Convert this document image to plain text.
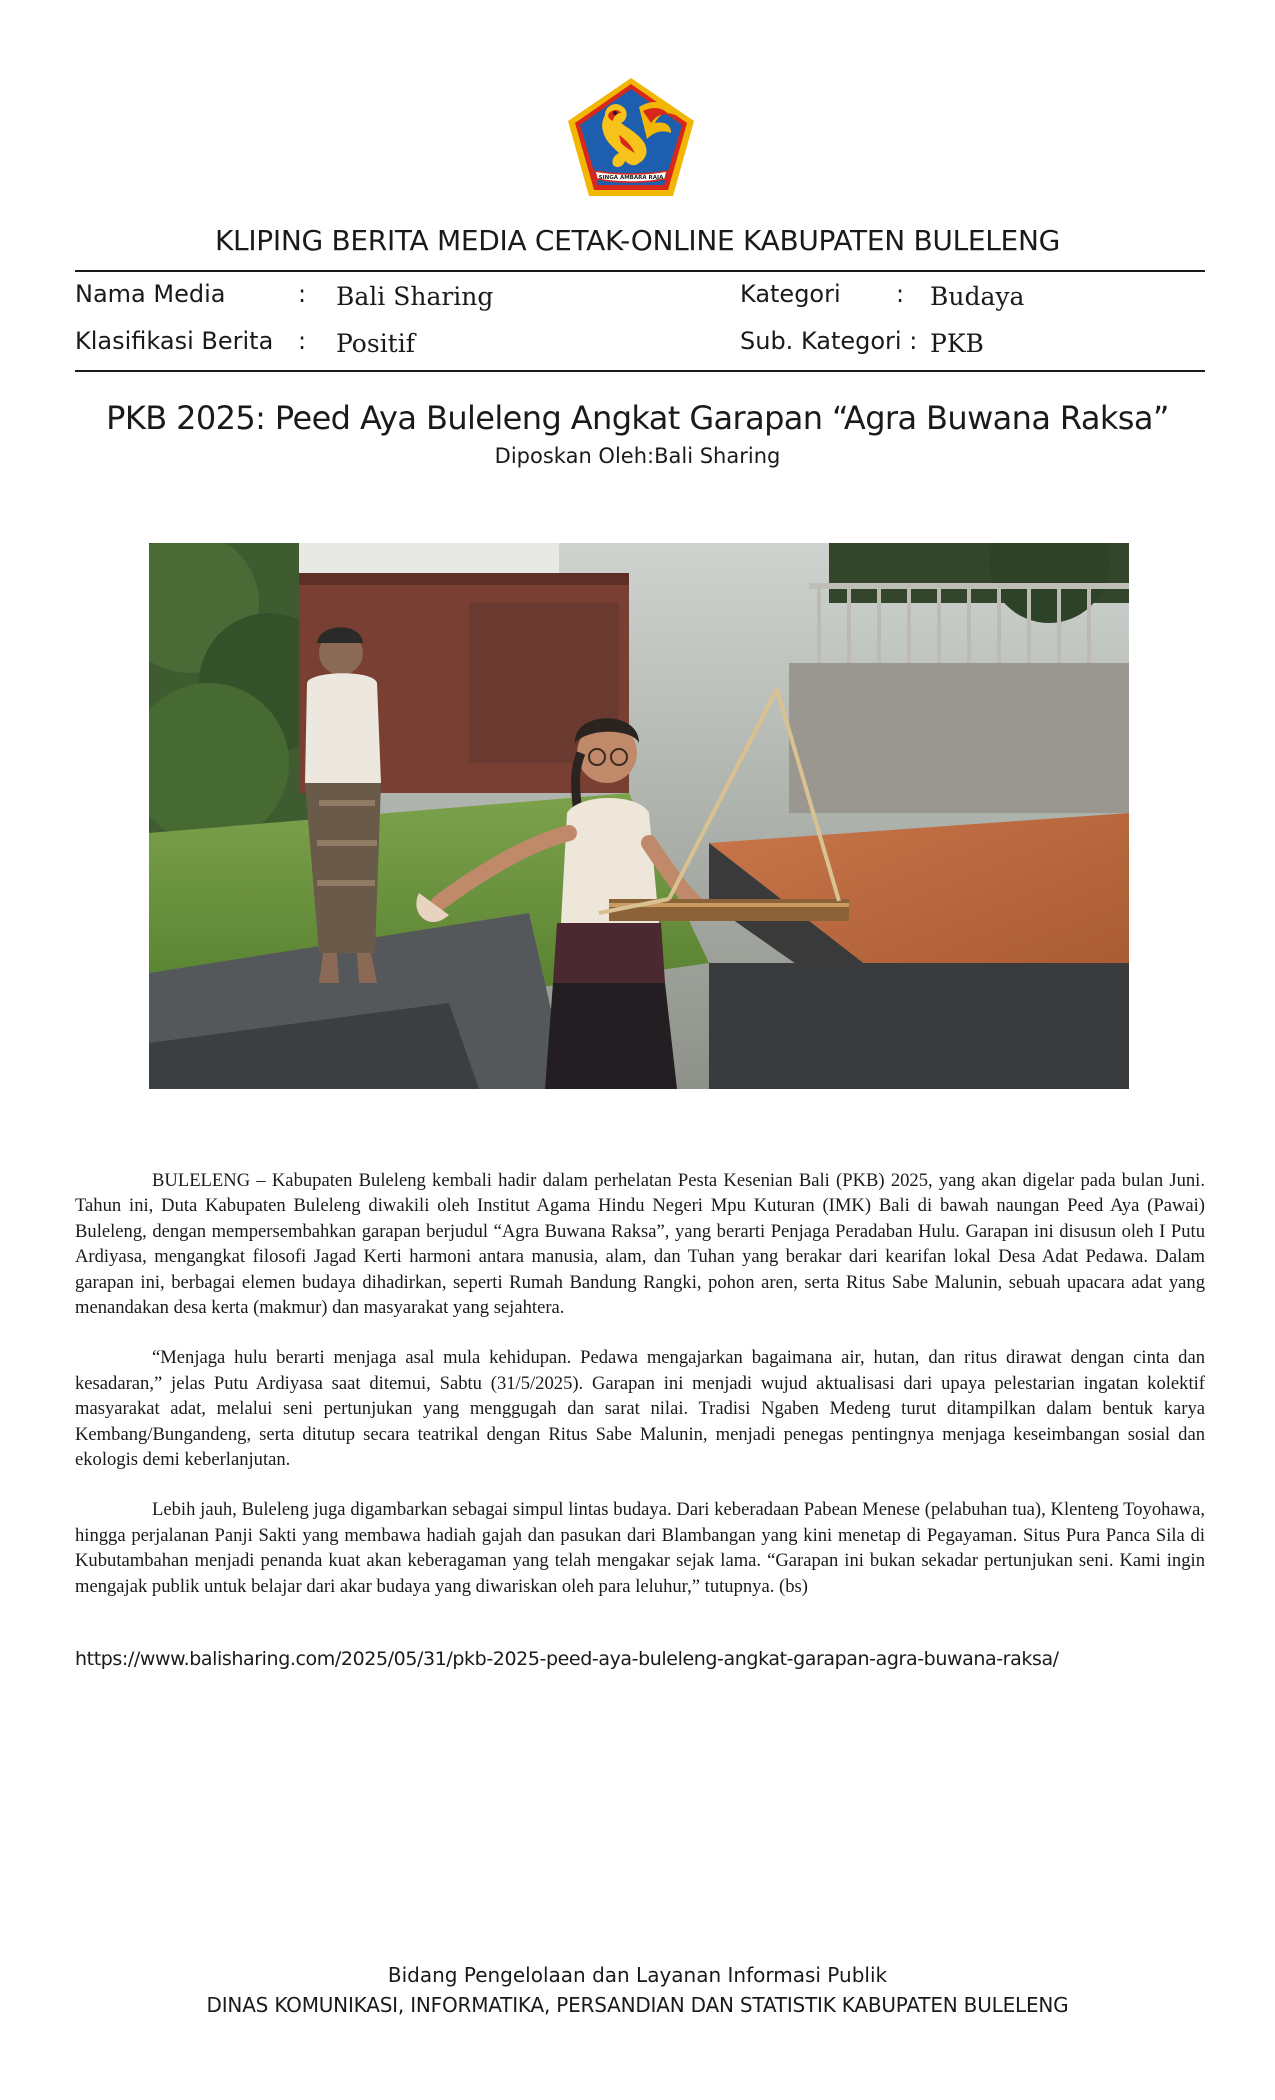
SINGA AMBARA RAJA
KLIPING BERITA MEDIA CETAK-ONLINE KABUPATEN BULELENG
Nama Media	: Bali Sharing	Kategori : Budaya
Klasifikasi Berita : Positif	Sub. Kategori : PKB
PKB 2025: Peed Aya Buleleng Angkat Garapan “Agra Buwana Raksa”
Diposkan Oleh:Bali Sharing

BULELENG – Kabupaten Buleleng kembali hadir dalam perhelatan Pesta Kesenian Bali (PKB) 2025, yang akan digelar pada bulan Juni. Tahun ini, Duta Kabupaten Buleleng diwakili oleh Institut Agama Hindu Negeri Mpu Kuturan (IMK) Bali di bawah naungan Peed Aya (Pawai) Buleleng, dengan mempersembahkan garapan berjudul “Agra Buwana Raksa”, yang berarti Penjaga Peradaban Hulu. Garapan ini disusun oleh I Putu Ardiyasa, mengangkat filosofi Jagad Kerti harmoni antara manusia, alam, dan Tuhan yang berakar dari kearifan lokal Desa Adat Pedawa. Dalam garapan ini, berbagai elemen budaya dihadirkan, seperti Rumah Bandung Rangki, pohon aren, serta Ritus Sabe Malunin, sebuah upacara adat yang menandakan desa kerta (makmur) dan masyarakat yang sejahtera.

“Menjaga hulu berarti menjaga asal mula kehidupan. Pedawa mengajarkan bagaimana air, hutan, dan ritus dirawat dengan cinta dan kesadaran,” jelas Putu Ardiyasa saat ditemui, Sabtu (31/5/2025). Garapan ini menjadi wujud aktualisasi dari upaya pelestarian ingatan kolektif masyarakat adat, melalui seni pertunjukan yang menggugah dan sarat nilai. Tradisi Ngaben Medeng turut ditampilkan dalam bentuk karya Kembang/Bungandeng, serta ditutup secara teatrikal dengan Ritus Sabe Malunin, menjadi penegas pentingnya menjaga keseimbangan sosial dan ekologis demi keberlanjutan.

Lebih jauh, Buleleng juga digambarkan sebagai simpul lintas budaya. Dari keberadaan Pabean Menese (pelabuhan tua), Klenteng Toyohawa, hingga perjalanan Panji Sakti yang membawa hadiah gajah dan pasukan dari Blambangan yang kini menetap di Pegayaman. Situs Pura Panca Sila di Kubutambahan menjadi penanda kuat akan keberagaman yang telah mengakar sejak lama. “Garapan ini bukan sekadar pertunjukan seni. Kami ingin mengajak publik untuk belajar dari akar budaya yang diwariskan oleh para leluhur,” tutupnya. (bs)

https://www.balisharing.com/2025/05/31/pkb-2025-peed-aya-buleleng-angkat-garapan-agra-buwana-raksa/
Bidang Pengelolaan dan Layanan Informasi Publik
DINAS KOMUNIKASI, INFORMATIKA, PERSANDIAN DAN STATISTIK KABUPATEN BULELENG
